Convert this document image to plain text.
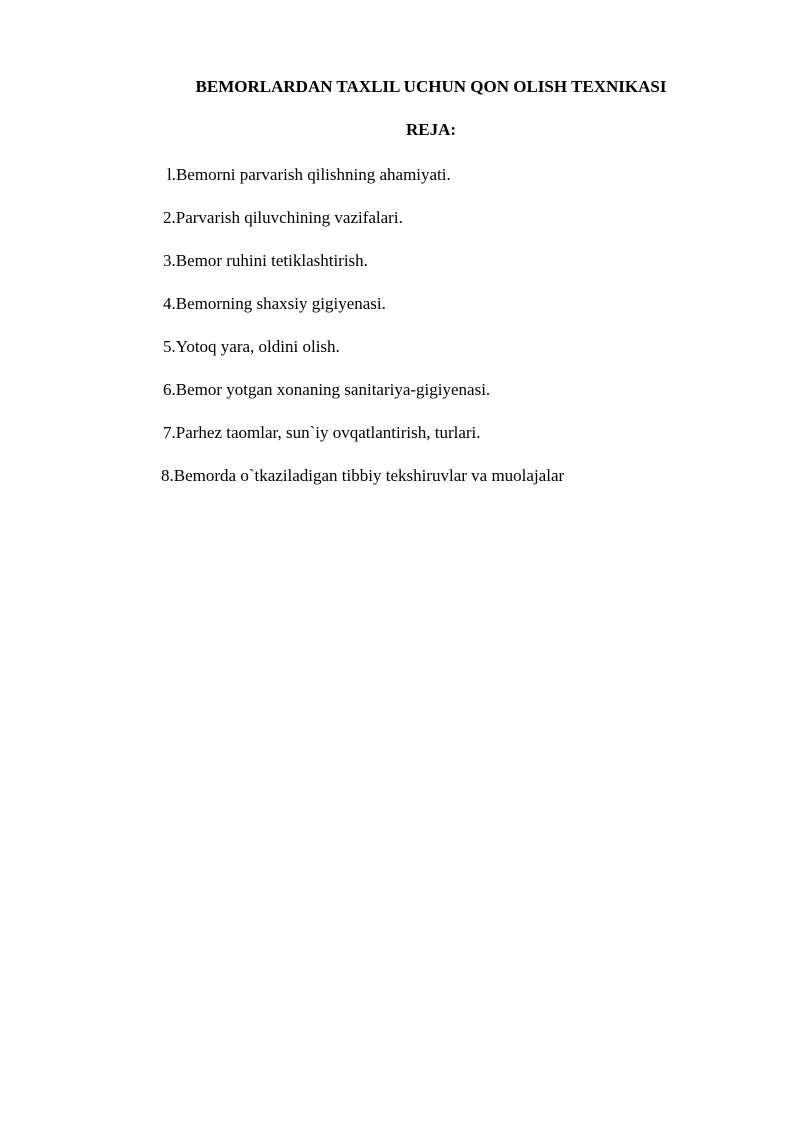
BEMORLARDAN TAXLIL UCHUN QON OLISH TEXNIKASI
REJA:
l.Bemorni parvarish qilishning ahamiyati.
2.Parvarish qiluvchining vazifalari.
3.Bemor ruhini tetiklashtirish.
4.Bemorning shaxsiy gigiyenasi.
5.Yotoq yara, oldini olish.
6.Bemor yotgan xonaning sanitariya-gigiyenasi.
7.Parhez taomlar, sun`iy ovqatlantirish, turlari.
8.Bemorda o`tkaziladigan tibbiy tekshiruvlar va muolajalar
